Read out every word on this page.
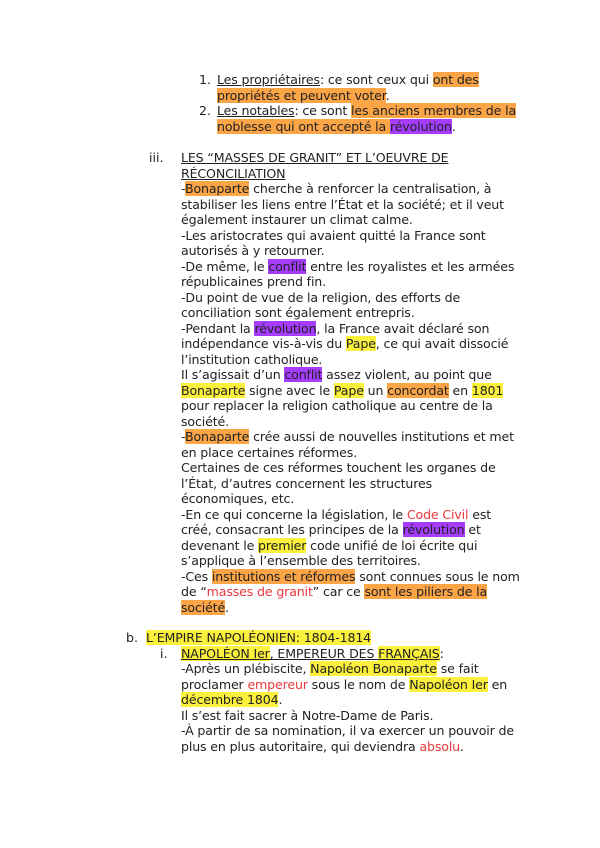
1. Les propriétaires: ce sont ceux qui ont des
propriétés et peuvent voter.
2. Les notables: ce sont les anciens membres de la
noblesse qui ont accepté la révolution.
iii. LES “MASSES DE GRANIT” ET L’OEUVRE DE
RÉCONCILIATION
-Bonaparte cherche à renforcer la centralisation, à
stabiliser les liens entre l’État et la société; et il veut
également instaurer un climat calme.
-Les aristocrates qui avaient quitté la France sont
autorisés à y retourner.
-De même, le conflit entre les royalistes et les armées
républicaines prend fin.
-Du point de vue de la religion, des efforts de
conciliation sont également entrepris.
-Pendant la révolution, la France avait déclaré son
indépendance vis-à-vis du Pape, ce qui avait dissocié
l’institution catholique.
Il s’agissait d’un conflit assez violent, au point que
Bonaparte signe avec le Pape un concordat en 1801
pour replacer la religion catholique au centre de la
société.
-Bonaparte crée aussi de nouvelles institutions et met
en place certaines réformes.
Certaines de ces réformes touchent les organes de
l’État, d’autres concernent les structures
économiques, etc.
-En ce qui concerne la législation, le Code Civil est
créé, consacrant les principes de la révolution et
devenant le premier code unifié de loi écrite qui
s’applique à l’ensemble des territoires.
-Ces institutions et réformes sont connues sous le nom
de “masses de granit” car ce sont les piliers de la
société.
b. L’EMPIRE NAPOLÉONIEN: 1804-1814
i. NAPOLÉON Ier, EMPEREUR DES FRANÇAIS:
-Après un plébiscite, Napoléon Bonaparte se fait
proclamer empereur sous le nom de Napoléon Ier en
décembre 1804.
Il s’est fait sacrer à Notre-Dame de Paris.
-À partir de sa nomination, il va exercer un pouvoir de
plus en plus autoritaire, qui deviendra absolu.
